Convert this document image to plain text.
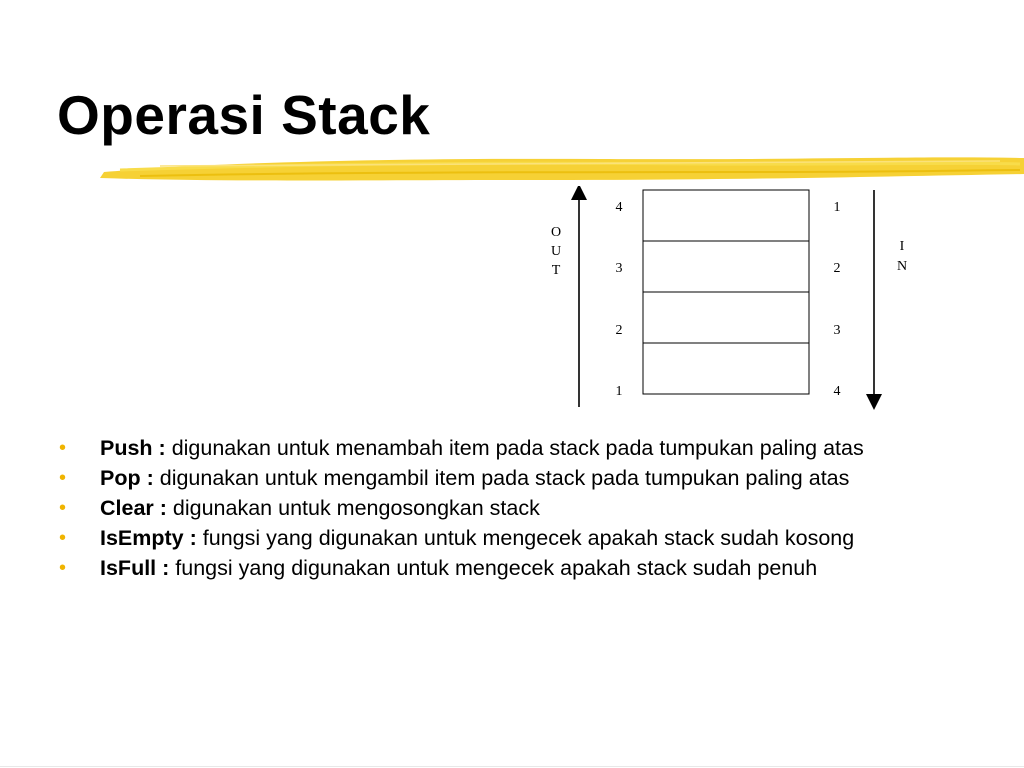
Operasi Stack
O
U
T
4
3
2
1
1
2
3
4
I
N
• Push : digunakan untuk menambah item pada stack pada tumpukan paling atas
• Pop : digunakan untuk mengambil item pada stack pada tumpukan paling atas
• Clear : digunakan untuk mengosongkan stack
• IsEmpty : fungsi yang digunakan untuk mengecek apakah stack sudah kosong
• IsFull : fungsi yang digunakan untuk mengecek apakah stack sudah penuh
